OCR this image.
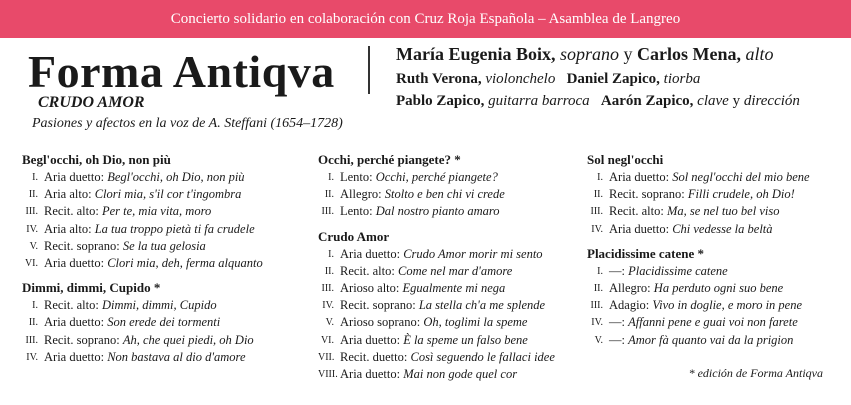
Concierto solidario en colaboración con Cruz Roja Española – Asamblea de Langreo
Forma Antiqva
CRUDO AMOR
Pasiones y afectos en la voz de A. Steffani (1654–1728)
María Eugenia Boix, soprano y Carlos Mena, alto
Ruth Verona, violonchelo Daniel Zapico, tiorba
Pablo Zapico, guitarra barroca Aarón Zapico, clave y dirección
Begl'occhi, oh Dio, non più
I. Aria duetto:
Begl'occhi, oh Dio, non più
II. Aria alto:
Clori mia, s'il cor t'ingombra
III. Recit. alto:
Per te, mia vita, moro
IV. Aria alto:
La tua troppo pietà ti fa crudele
V. Recit. soprano:
Se la tua gelosia
VI. Aria duetto:
Clori mia, deh, ferma alquanto
Dimmi, dimmi, Cupido *
I. Recit. alto:
Dimmi, dimmi, Cupido
II. Aria duetto:
Son erede dei tormenti
III. Recit. soprano:
Ah, che quei piedi, oh Dio
IV. Aria duetto:
Non bastava al dio d'amore
Occhi, perché piangete? *
I. Lento:
Occhi, perché piangete?
II. Allegro:
Stolto e ben chi vi crede
III. Lento:
Dal nostro pianto amaro
Crudo Amor
I. Aria duetto:
Crudo Amor morir mi sento
II. Recit. alto:
Come nel mar d'amore
III. Arioso alto:
Egualmente mi nega
IV. Recit. soprano:
La stella ch'a me splende
V. Arioso soprano:
Oh, toglimi la speme
VI. Aria duetto:
È la speme un falso bene
VII. Recit. duetto:
Così seguendo le fallaci idee
VIII. Aria duetto:
Mai non gode quel cor
Sol negl'occhi
I. Aria duetto:
Sol negl'occhi del mio bene
II. Recit. soprano:
Filli crudele, oh Dio!
III. Recit. alto:
Ma, se nel tuo bel viso
IV. Aria duetto:
Chi vedesse la beltà
Placidissime catene *
I. —:
Placidissime catene
II. Allegro:
Ha perduto ogni suo bene
III. Adagio:
Vivo in doglie, e moro in pene
IV. —:
Affanni pene e guai voi non farete
V. —:
Amor fà quanto vai da la prigion
* edición de Forma Antiqva
